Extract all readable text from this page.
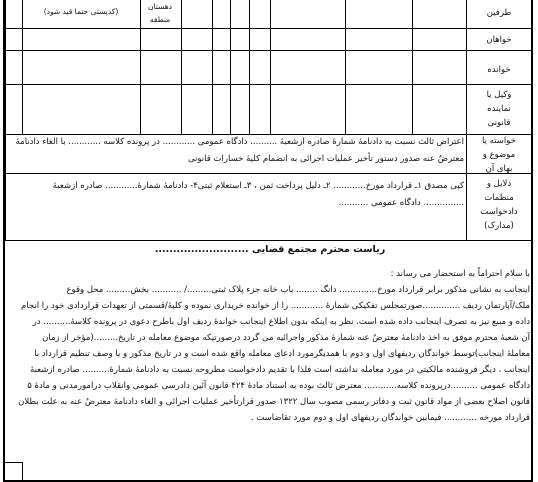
طرفین
خواهان
خوانده
وکیل یا
نماینده
قانونی
خواسته یا
موضوع و
بهای آن
دلایل و
منظمات
دادخواست
(مدارک)
دهستان
منطقه
(کدپستی حتما قید شود)
اعتراض ثالث نسبت به دادنامهٔ شمارهٔ صادره ازشعبهٔ .......... دادگاه عمومی ............ در پرونده کلاسه ............ با الغاء دادنامهٔ
معترضٌ عنه صدور دستور تأخیر عملیات اجرائی به انضمام کلیهٔ خسارات قانونی
کپی مصدق ۱ـ قرارداد مورخ............ ۲ـ دلیل پرداخت ثمن ، ۳ـ استعلام ثبتی۴- دادنامهٔ شمارهٔ............ صادره ازشعبهٔ
............... دادگاه عمومی ...........
ریاست محترم مجتمع قضایی ..........................
با سلام احتراماً به استحضار می رساند :
اینجانب به نشانی مذکور برابر قرارداد مورخ.............. دانگ ........ باب خانه جزء پلاک ثبتی........./ ........... بخش......... محل وقوع
ملک/آپارتمان ردیف ..............صورتمجلس تفکیکی شمارهٔ ............ را از خوانده خریداری نموده و کلیهٔ/قسمتی از تعهدات قراردادی خود را انجام
داده و مبیع نیز به تصرف اینجانب داده شده است. نظر به اینکه بدون اطلاع اینجانب خواندهٔ ردیف اول باطرح دعوی در پرونده کلاسهٔ.......... در
آن شعبهٔ محترم موفق به اخذ دادنامهٔ معترضٌ عنه شمارهٔ مذکور واجرائیه می گردد درصورتیکه موضوع معامله در تاریخ.........(مؤخر از زمان
معاملهٔ اینجانب)توسط خواندگان ردیفهای اول و دوم با همدیگرمورد ادعای معامله واقع شده است و در تاریخ مذکور و با وصف تنظیم قرارداد با
اینجانب ، دیگر فروشنده مالکیتی در مورد معامله نداشته است فلذا با تقدیم دادخواست مطروحه نسبت به دادنامهٔ شمارهٔ.......... صادره ازشعبهٔ
دادگاه عمومی ..........درپرونده کلاسه............ معترض ثالث بوده به استناد مادهٔ ۴۲۴ قانون آئین دادرسی عمومی وانقلاب درامورمدنی و مادهٔ ۵
قانون اصلاح بعضی از مواد قانون ثبت و دفاتر رسمی مصوب سال ۱۳۲۲ صدور قرارتأخیر عملیات اجرائی و الغاء دادنامهٔ معترضٌ عنه به علت بطلان
قرارداد مورخه ............ فیمابین خواندگان ردیفهای اول و دوم مورد تقاضاست .
